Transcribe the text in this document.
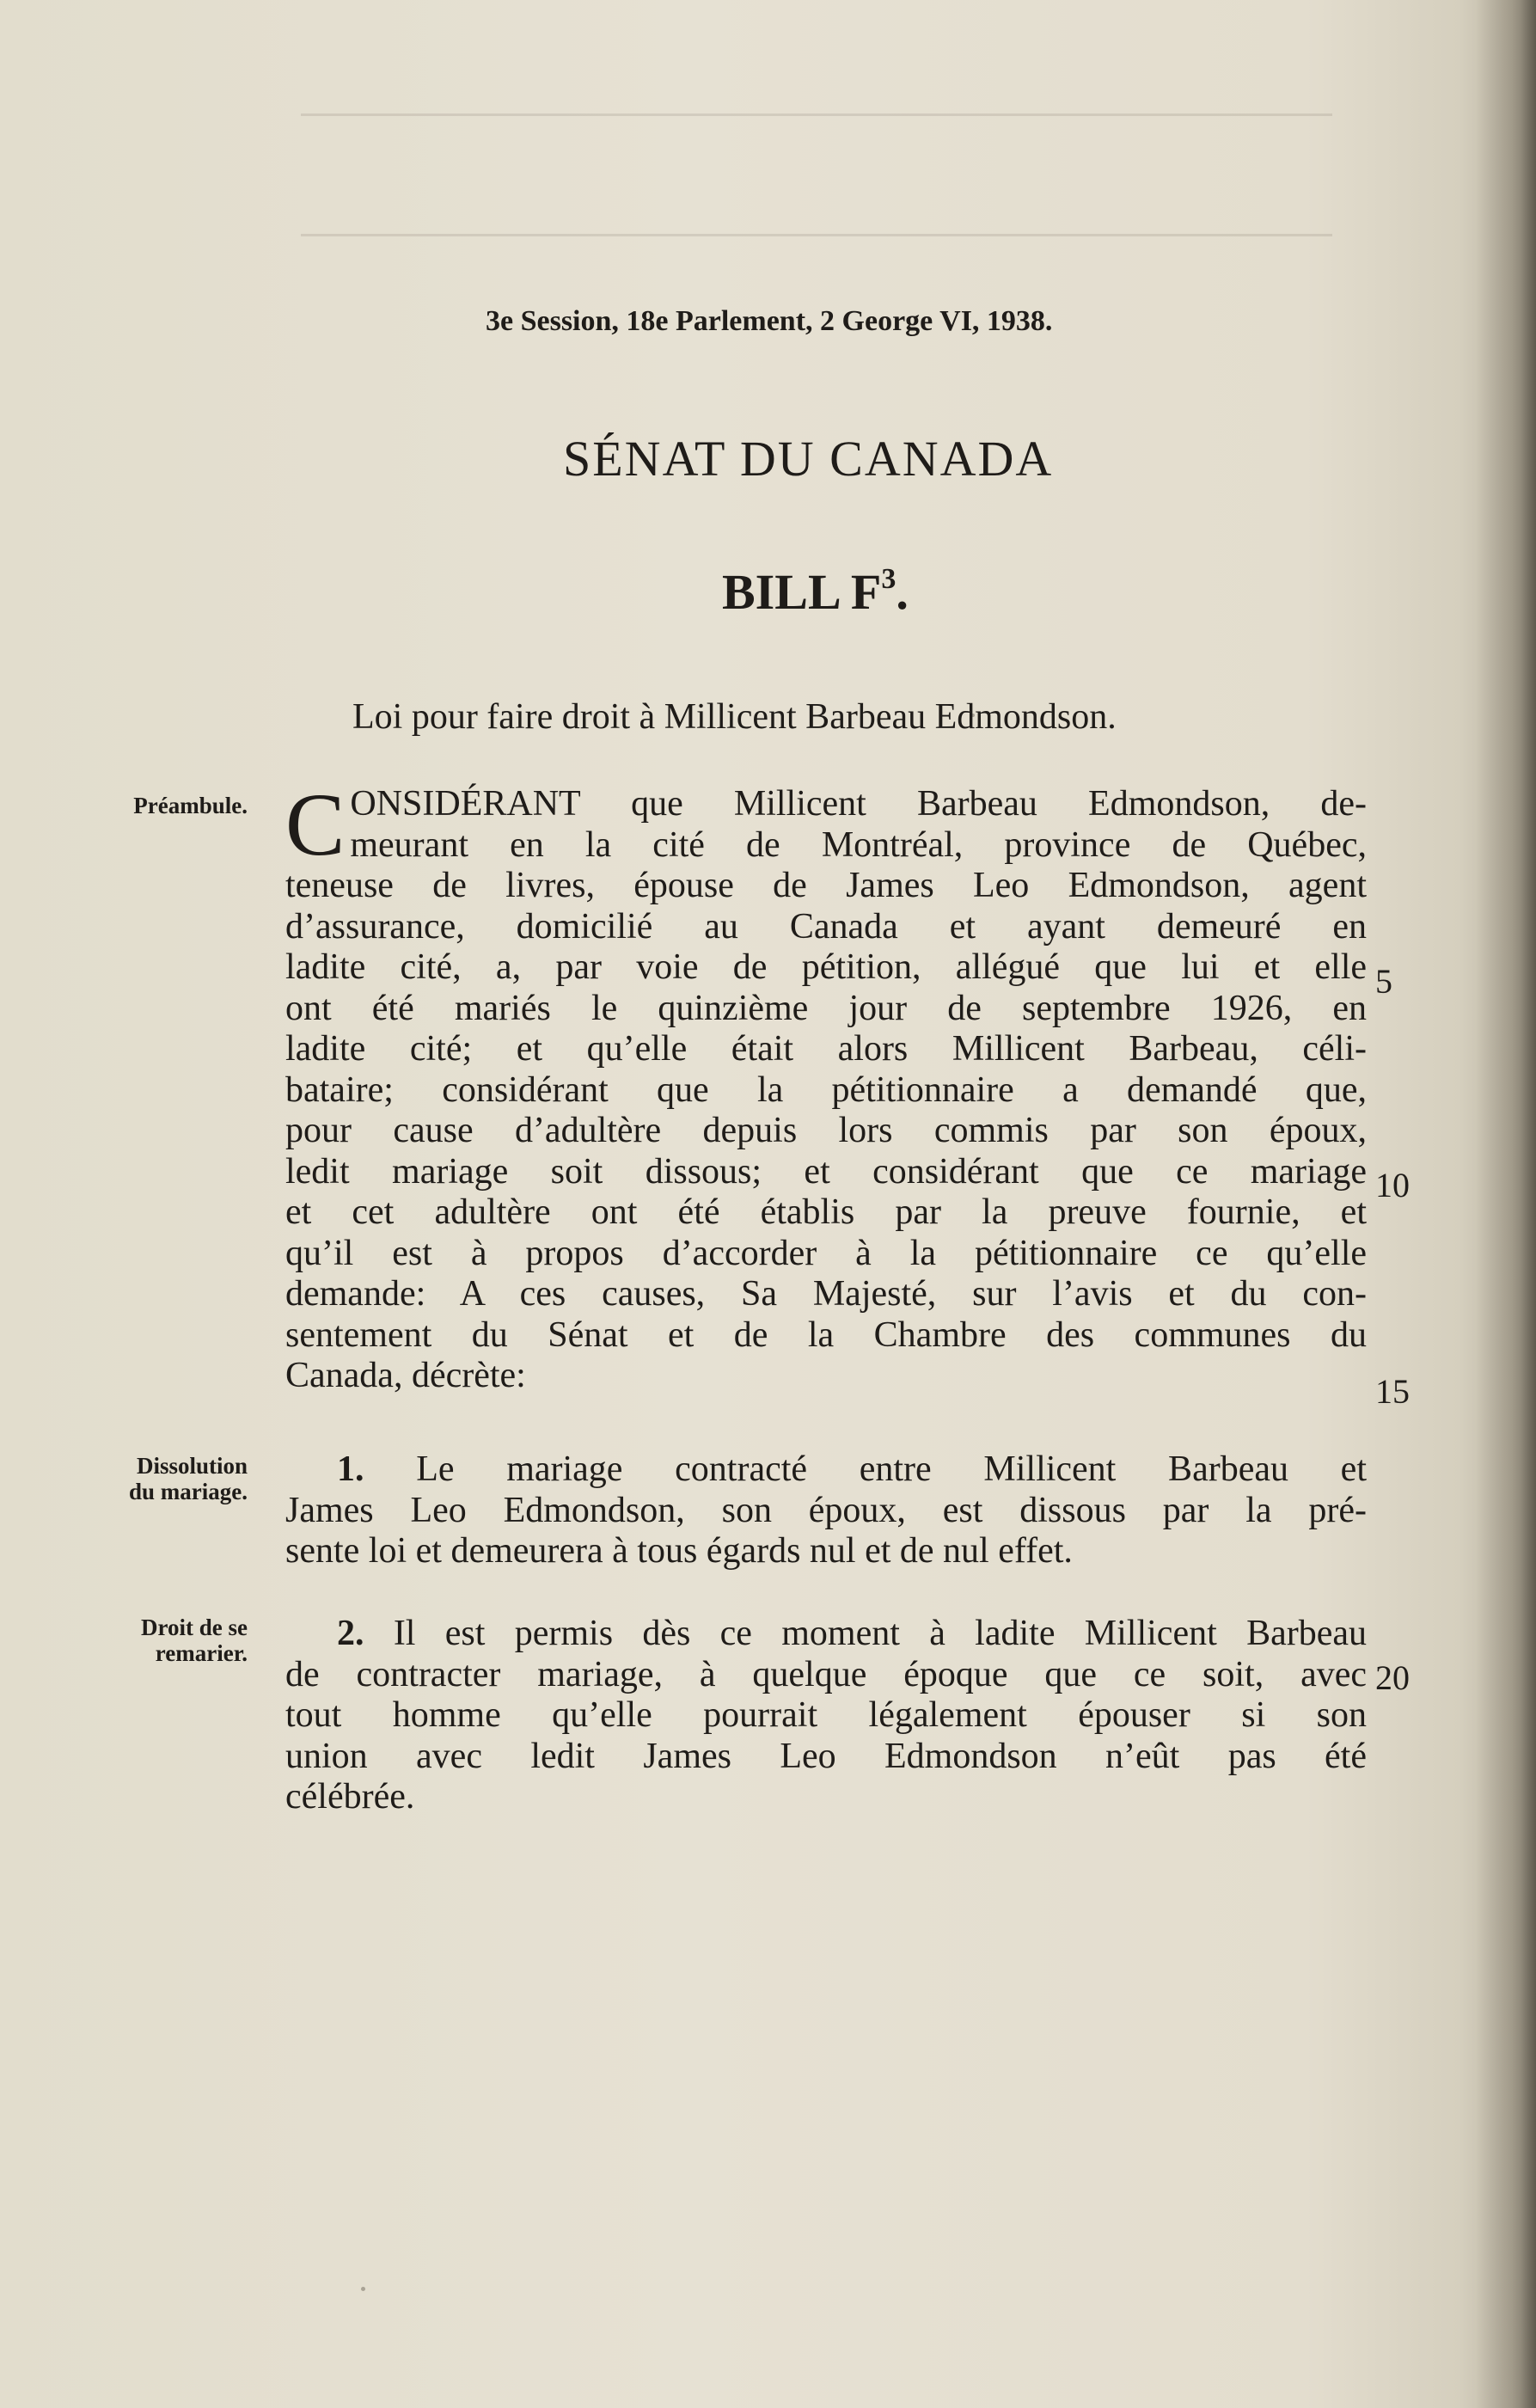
3e Session, 18e Parlement, 2 George VI, 1938.
SÉNAT DU CANADA
BILL $F^3$.
Loi pour faire droit à Millicent Barbeau Edmondson.
Préambule.
Dissolution
du mariage.
Droit de se
remarier.
C ONSIDÉRANT que Millicent Barbeau Edmondson, de-
meurant en la cité de Montréal, province de Québec,
teneuse de livres, épouse de James Leo Edmondson, agent
d’assurance, domicilié au Canada et ayant demeuré en
ladite cité, a, par voie de pétition, allégué que lui et elle
ont été mariés le quinzième jour de septembre 1926, en
ladite cité; et qu’elle était alors Millicent Barbeau, céli-
bataire; considérant que la pétitionnaire a demandé que,
pour cause d’adultère depuis lors commis par son époux,
ledit mariage soit dissous; et considérant que ce mariage
et cet adultère ont été établis par la preuve fournie, et
qu’il est à propos d’accorder à la pétitionnaire ce qu’elle
demande: A ces causes, Sa Majesté, sur l’avis et du con-
sentement du Sénat et de la Chambre des communes du
Canada, décrète:
1. Le mariage contracté entre Millicent Barbeau et
James Leo Edmondson, son époux, est dissous par la pré-
sente loi et demeurera à tous égards nul et de nul effet.
2. Il est permis dès ce moment à ladite Millicent Barbeau
de contracter mariage, à quelque époque que ce soit, avec
tout homme qu’elle pourrait légalement épouser si son
union avec ledit James Leo Edmondson n’eût pas été
célébrée.
5
10
15
20
